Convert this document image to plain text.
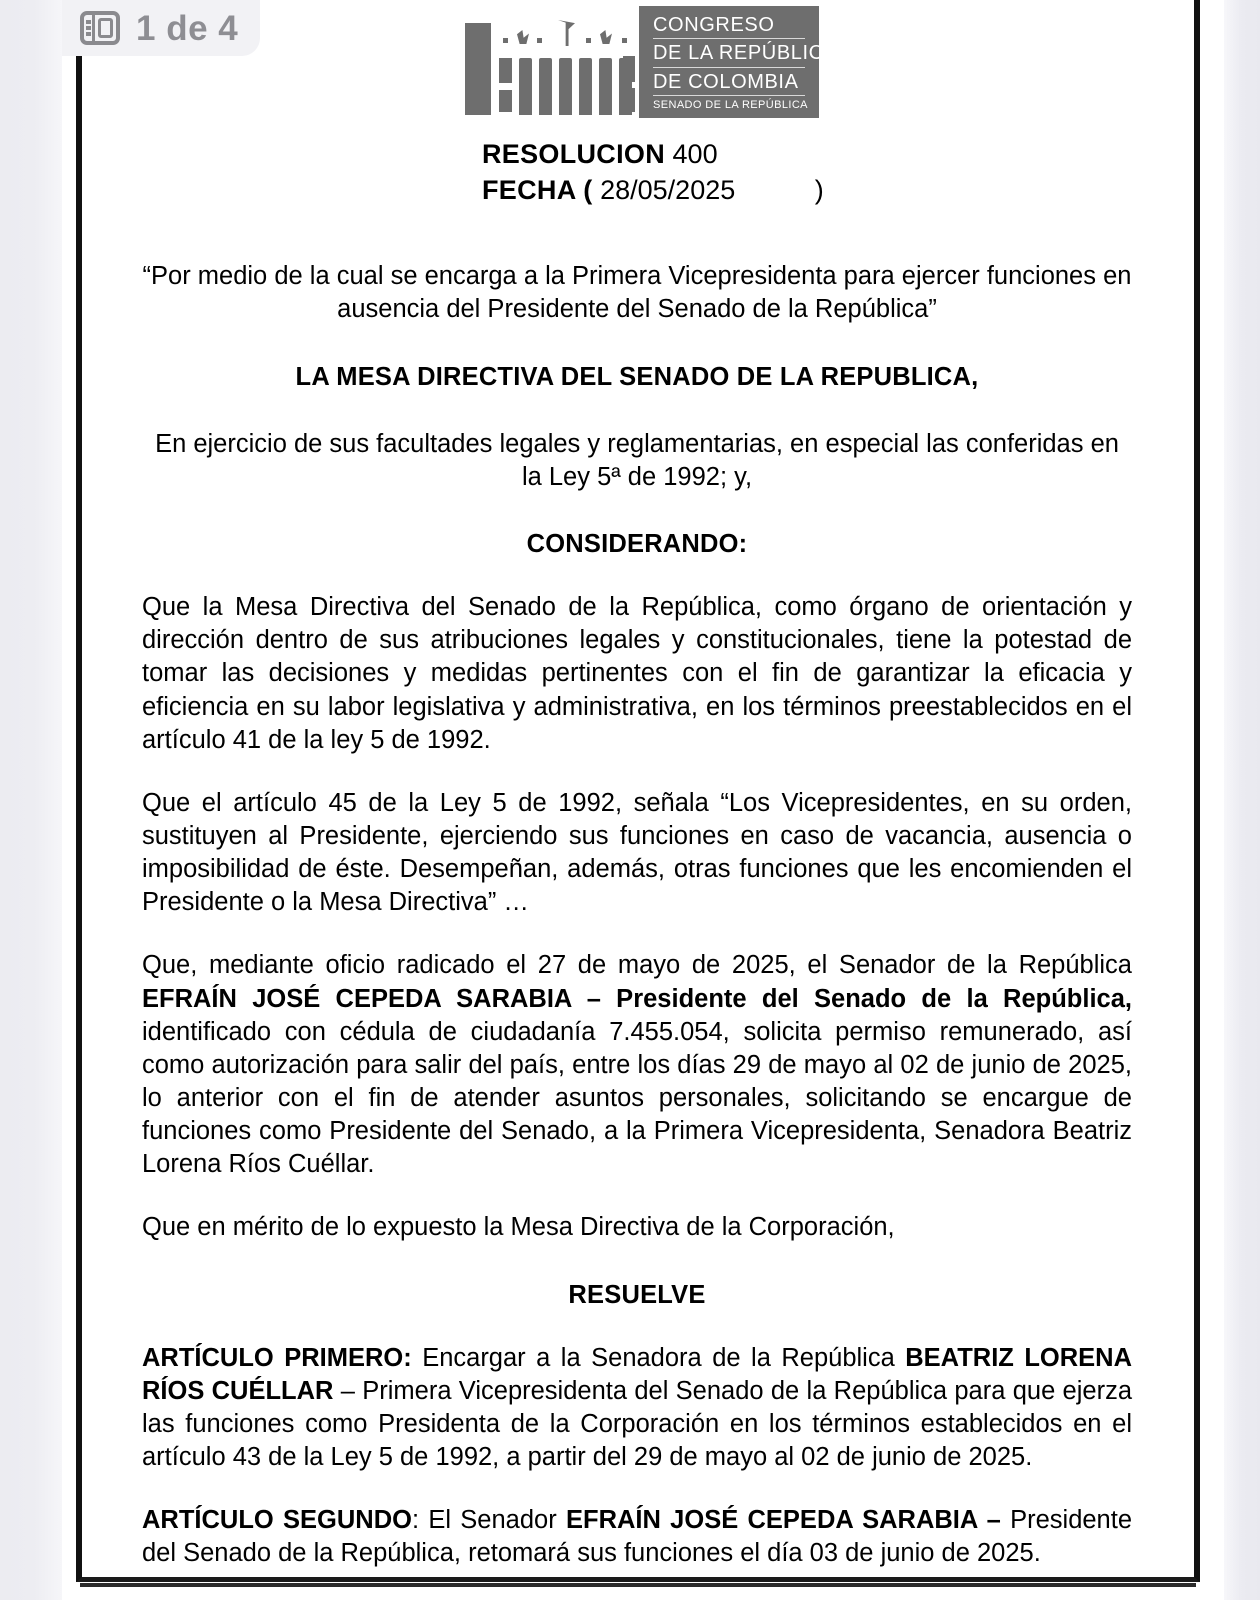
CONGRESO
DE LA REPÚBLICA
DE COLOMBIA
SENADO DE LA REPÚBLICA
RESOLUCION 400
FECHA ( 28/05/2025	)

“Por medio de la cual se encarga a la Primera Vicepresidenta para ejercer funciones en ausencia del Presidente del Senado de la República”

LA MESA DIRECTIVA DEL SENADO DE LA REPUBLICA,

En ejercicio de sus facultades legales y reglamentarias, en especial las conferidas en la Ley 5ª de 1992; y,

CONSIDERANDO:

Que la Mesa Directiva del Senado de la República, como órgano de orientación y dirección dentro de sus atribuciones legales y constitucionales, tiene la potestad de tomar las decisiones y medidas pertinentes con el fin de garantizar la eficacia y eficiencia en su labor legislativa y administrativa, en los términos preestablecidos en el artículo 41 de la ley 5 de 1992.

Que el artículo 45 de la Ley 5 de 1992, señala “Los Vicepresidentes, en su orden, sustituyen al Presidente, ejerciendo sus funciones en caso de vacancia, ausencia o imposibilidad de éste. Desempeñan, además, otras funciones que les encomienden el Presidente o la Mesa Directiva” …

Que, mediante oficio radicado el 27 de mayo de 2025, el Senador de la República EFRAÍN JOSÉ CEPEDA SARABIA – Presidente del Senado de la República, identificado con cédula de ciudadanía 7.455.054, solicita permiso remunerado, así como autorización para salir del país, entre los días 29 de mayo al 02 de junio de 2025, lo anterior con el fin de atender asuntos personales, solicitando se encargue de funciones como Presidente del Senado, a la Primera Vicepresidenta, Senadora Beatriz Lorena Ríos Cuéllar.

Que en mérito de lo expuesto la Mesa Directiva de la Corporación,

RESUELVE

ARTÍCULO PRIMERO: Encargar a la Senadora de la República BEATRIZ LORENA RÍOS CUÉLLAR – Primera Vicepresidenta del Senado de la República para que ejerza las funciones como Presidenta de la Corporación en los términos establecidos en el artículo 43 de la Ley 5 de 1992, a partir del 29 de mayo al 02 de junio de 2025.

ARTÍCULO SEGUNDO: El Senador EFRAÍN JOSÉ CEPEDA SARABIA – Presidente del Senado de la República, retomará sus funciones el día 03 de junio de 2025.

1 de 4
